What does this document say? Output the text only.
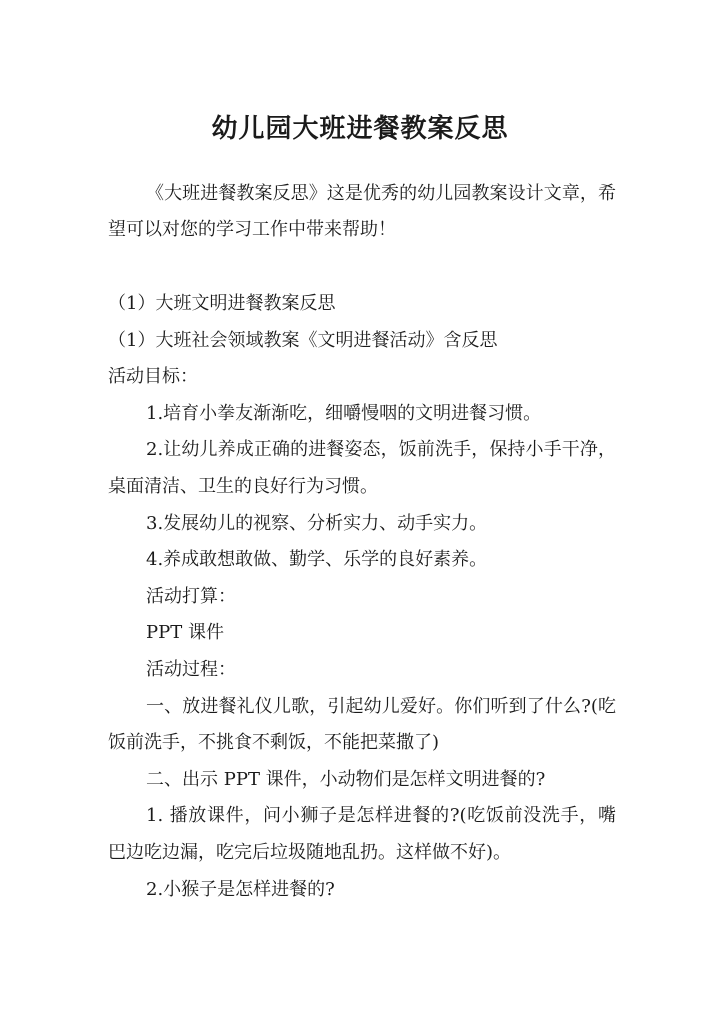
幼儿园大班进餐教案反思

《大班进餐教案反思》这是优秀的幼儿园教案设计文章，希望可以对您的学习工作中带来帮助！

（1）大班文明进餐教案反思

（1）大班社会领域教案《文明进餐活动》含反思

活动目标：

1.培育小拳友渐渐吃，细嚼慢咽的文明进餐习惯。

2.让幼儿养成正确的进餐姿态，饭前洗手，保持小手干净，桌面清洁、卫生的良好行为习惯。

3.发展幼儿的视察、分析实力、动手实力。

4.养成敢想敢做、勤学、乐学的良好素养。

活动打算：

PPT 课件

活动过程：

一、放进餐礼仪儿歌，引起幼儿爱好。你们听到了什么?(吃饭前洗手，不挑食不剩饭，不能把菜撒了)

二、出示 PPT 课件，小动物们是怎样文明进餐的?

1. 播放课件，问小狮子是怎样进餐的?(吃饭前没洗手，嘴巴边吃边漏，吃完后垃圾随地乱扔。这样做不好)。

2.小猴子是怎样进餐的?
